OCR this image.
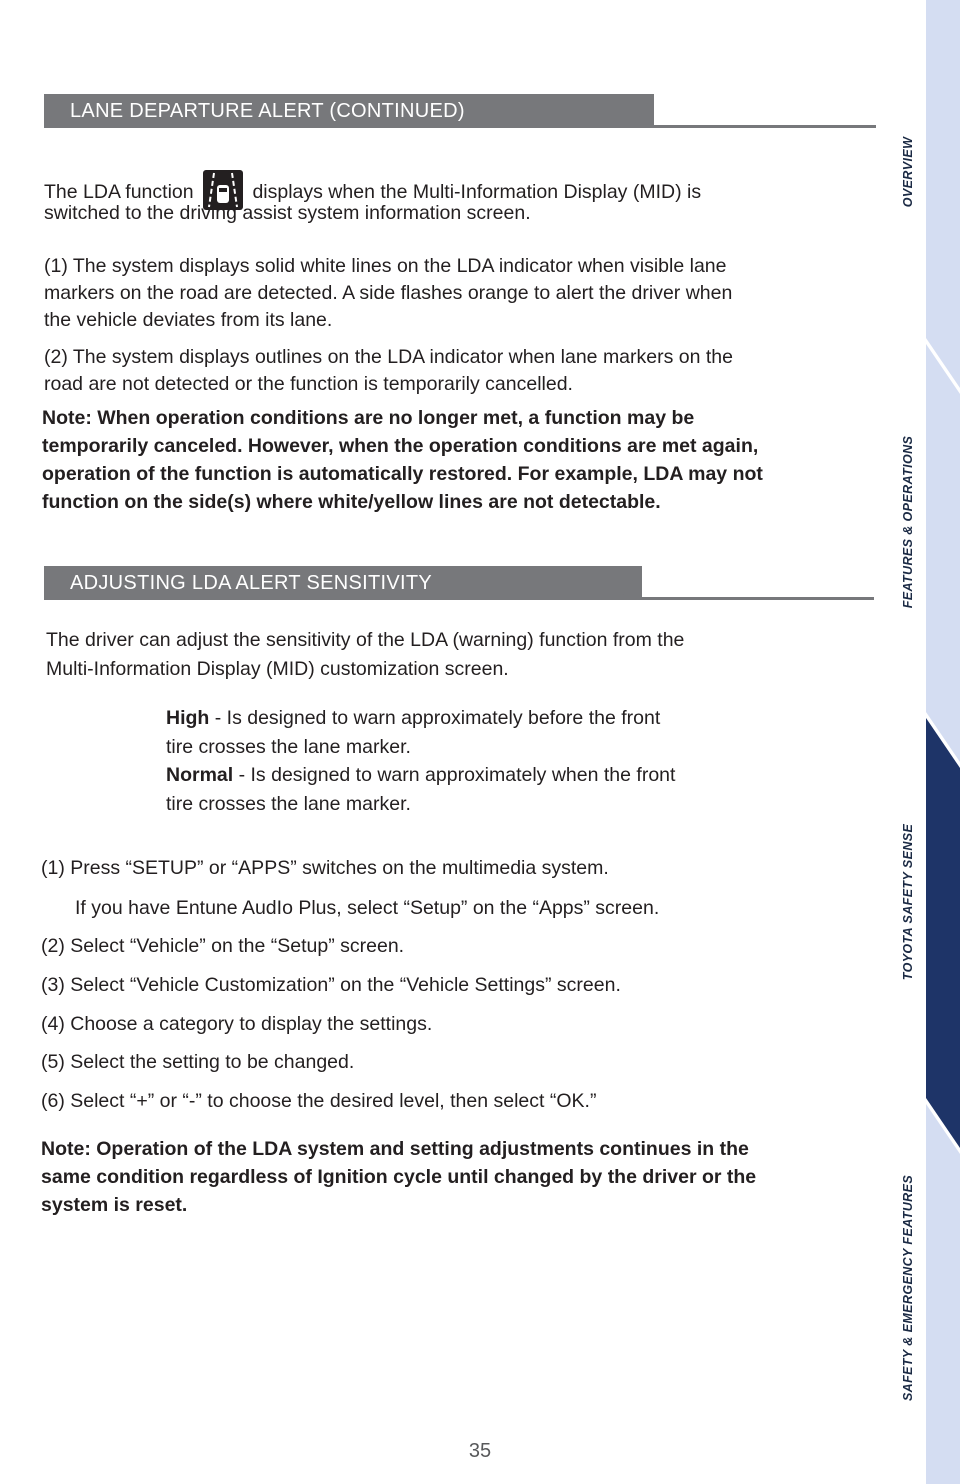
LANE DEPARTURE ALERT (CONTINUED)
The LDA function	displays when the Multi-Information Display (MID) is
switched to the driving assist system information screen.
(1) The system displays solid white lines on the LDA indicator when visible lane
markers on the road are detected. A side flashes orange to alert the driver when
the vehicle deviates from its lane.
(2) The system displays outlines on the LDA indicator when lane markers on the
road are not detected or the function is temporarily cancelled.
Note: When operation conditions are no longer met, a function may be
temporarily canceled. However, when the operation conditions are met again,
operation of the function is automatically restored. For example, LDA may not
function on the side(s) where white/yellow lines are not detectable.
ADJUSTING LDA ALERT SENSITIVITY
The driver can adjust the sensitivity of the LDA (warning) function from the
Multi-Information Display (MID) customization screen.
High - Is designed to warn approximately before the front
tire crosses the lane marker.
Normal - Is designed to warn approximately when the front
tire crosses the lane marker.
(1) Press “SETUP” or “APPS” switches on the multimedia system.
If you have Entune AudIo Plus, select “Setup” on the “Apps” screen.
(2) Select “Vehicle” on the “Setup” screen.
(3) Select “Vehicle Customization” on the “Vehicle Settings” screen.
(4) Choose a category to display the settings.
(5) Select the setting to be changed.
(6) Select “+” or “-” to choose the desired level, then select “OK.”
Note: Operation of the LDA system and setting adjustments continues in the
same condition regardless of Ignition cycle until changed by the driver or the
system is reset.
OVERVIEW
FEATURES & OPERATIONS
TOYOTA SAFETY SENSE
SAFETY & EMERGENCY FEATURES
35
